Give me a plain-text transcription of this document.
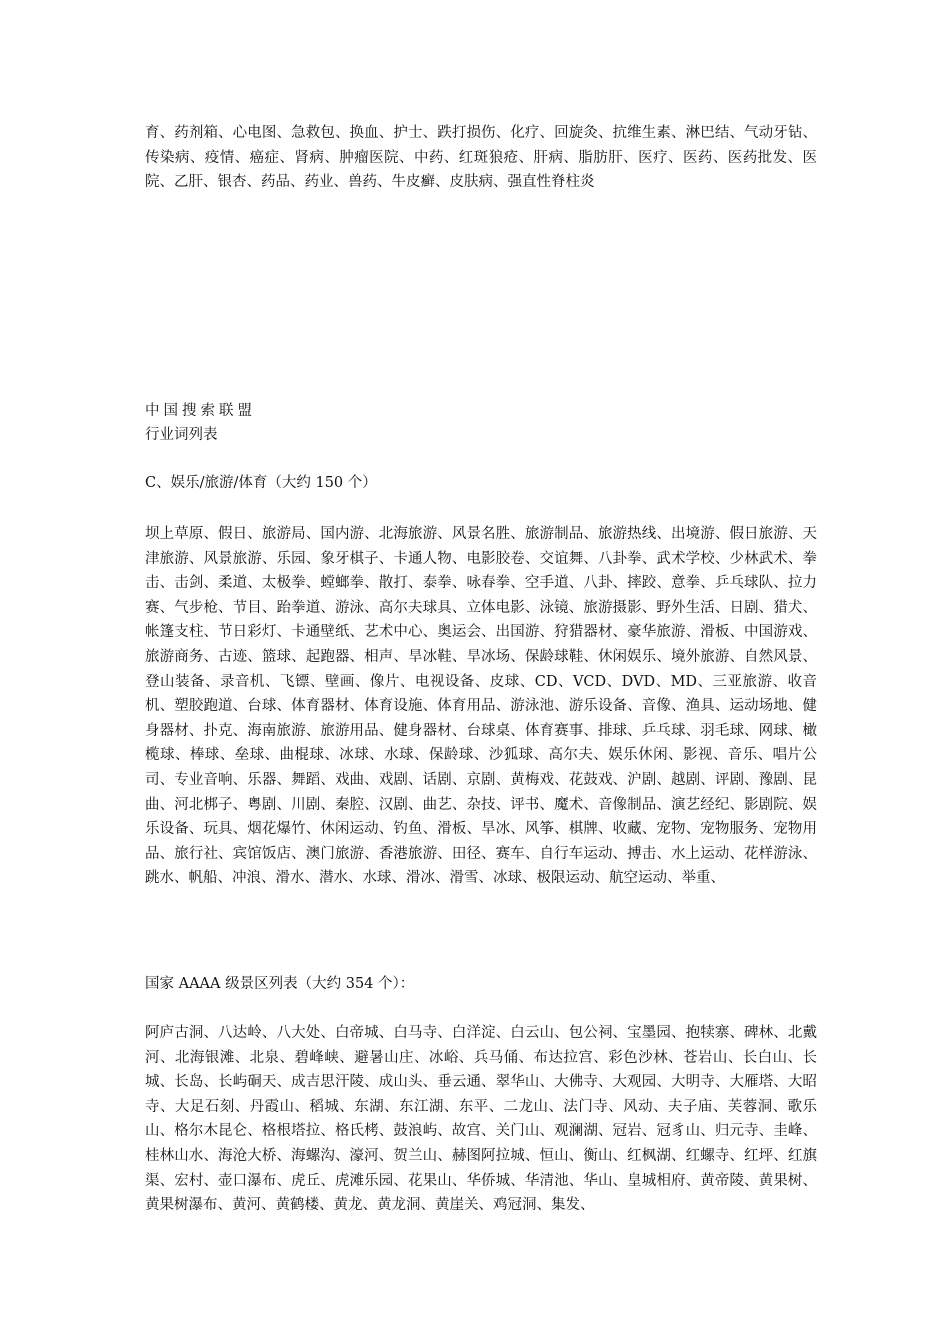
育、药剂箱、心电图、急救包、换血、护士、跌打损伤、化疗、回旋灸、抗维生素、淋巴结、气动牙钻、传染病、疫情、癌症、肾病、肿瘤医院、中药、红斑狼疮、肝病、脂肪肝、医疗、医药、医药批发、医院、乙肝、银杏、药品、药业、兽药、牛皮癣、皮肤病、强直性脊柱炎
中国搜索联盟
行业词列表
C、娱乐/旅游/体育（大约 150 个）
坝上草原、假日、旅游局、国内游、北海旅游、风景名胜、旅游制品、旅游热线、出境游、假日旅游、天津旅游、风景旅游、乐园、象牙棋子、卡通人物、电影胶卷、交谊舞、八卦拳、武术学校、少林武术、拳击、击剑、柔道、太极拳、螳螂拳、散打、泰拳、咏春拳、空手道、八卦、摔跤、意拳、乒乓球队、拉力赛、气步枪、节目、跆拳道、游泳、高尔夫球具、立体电影、泳镜、旅游摄影、野外生活、日剧、猎犬、帐篷支柱、节日彩灯、卡通壁纸、艺术中心、奥运会、出国游、狩猎器材、豪华旅游、滑板、中国游戏、旅游商务、古迹、篮球、起跑器、相声、旱冰鞋、旱冰场、保龄球鞋、休闲娱乐、境外旅游、自然风景、登山装备、录音机、飞镖、壁画、像片、电视设备、皮球、CD、VCD、DVD、MD、三亚旅游、收音机、塑胶跑道、台球、体育器材、体育设施、体育用品、游泳池、游乐设备、音像、渔具、运动场地、健身器材、扑克、海南旅游、旅游用品、健身器材、台球桌、体育赛事、排球、乒乓球、羽毛球、网球、橄榄球、棒球、垒球、曲棍球、冰球、水球、保龄球、沙狐球、高尔夫、娱乐休闲、影视、音乐、唱片公司、专业音响、乐器、舞蹈、戏曲、戏剧、话剧、京剧、黄梅戏、花鼓戏、沪剧、越剧、评剧、豫剧、昆曲、河北梆子、粤剧、川剧、秦腔、汉剧、曲艺、杂技、评书、魔术、音像制品、演艺经纪、影剧院、娱乐设备、玩具、烟花爆竹、休闲运动、钓鱼、滑板、旱冰、风筝、棋牌、收藏、宠物、宠物服务、宠物用品、旅行社、宾馆饭店、澳门旅游、香港旅游、田径、赛车、自行车运动、搏击、水上运动、花样游泳、跳水、帆船、冲浪、滑水、潜水、水球、滑冰、滑雪、冰球、极限运动、航空运动、举重、
国家 AAAA 级景区列表（大约 354 个）：
阿庐古洞、八达岭、八大处、白帝城、白马寺、白洋淀、白云山、包公祠、宝墨园、抱犊寨、碑林、北戴河、北海银滩、北泉、碧峰峡、避暑山庄、冰峪、兵马俑、布达拉宫、彩色沙林、苍岩山、长白山、长城、长岛、长屿硐天、成吉思汗陵、成山头、垂云通、翠华山、大佛寺、大观园、大明寺、大雁塔、大昭寺、大足石刻、丹霞山、稻城、东湖、东江湖、东平、二龙山、法门寺、风动、夫子庙、芙蓉洞、歌乐山、格尔木昆仑、格根塔拉、格氏栲、鼓浪屿、故宫、关门山、观澜湖、冠岩、冠豸山、归元寺、圭峰、桂林山水、海沧大桥、海螺沟、濠河、贺兰山、赫图阿拉城、恒山、衡山、红枫湖、红螺寺、红坪、红旗渠、宏村、壶口瀑布、虎丘、虎滩乐园、花果山、华侨城、华清池、华山、皇城相府、黄帝陵、黄果树、黄果树瀑布、黄河、黄鹤楼、黄龙、黄龙洞、黄崖关、鸡冠洞、集发、
